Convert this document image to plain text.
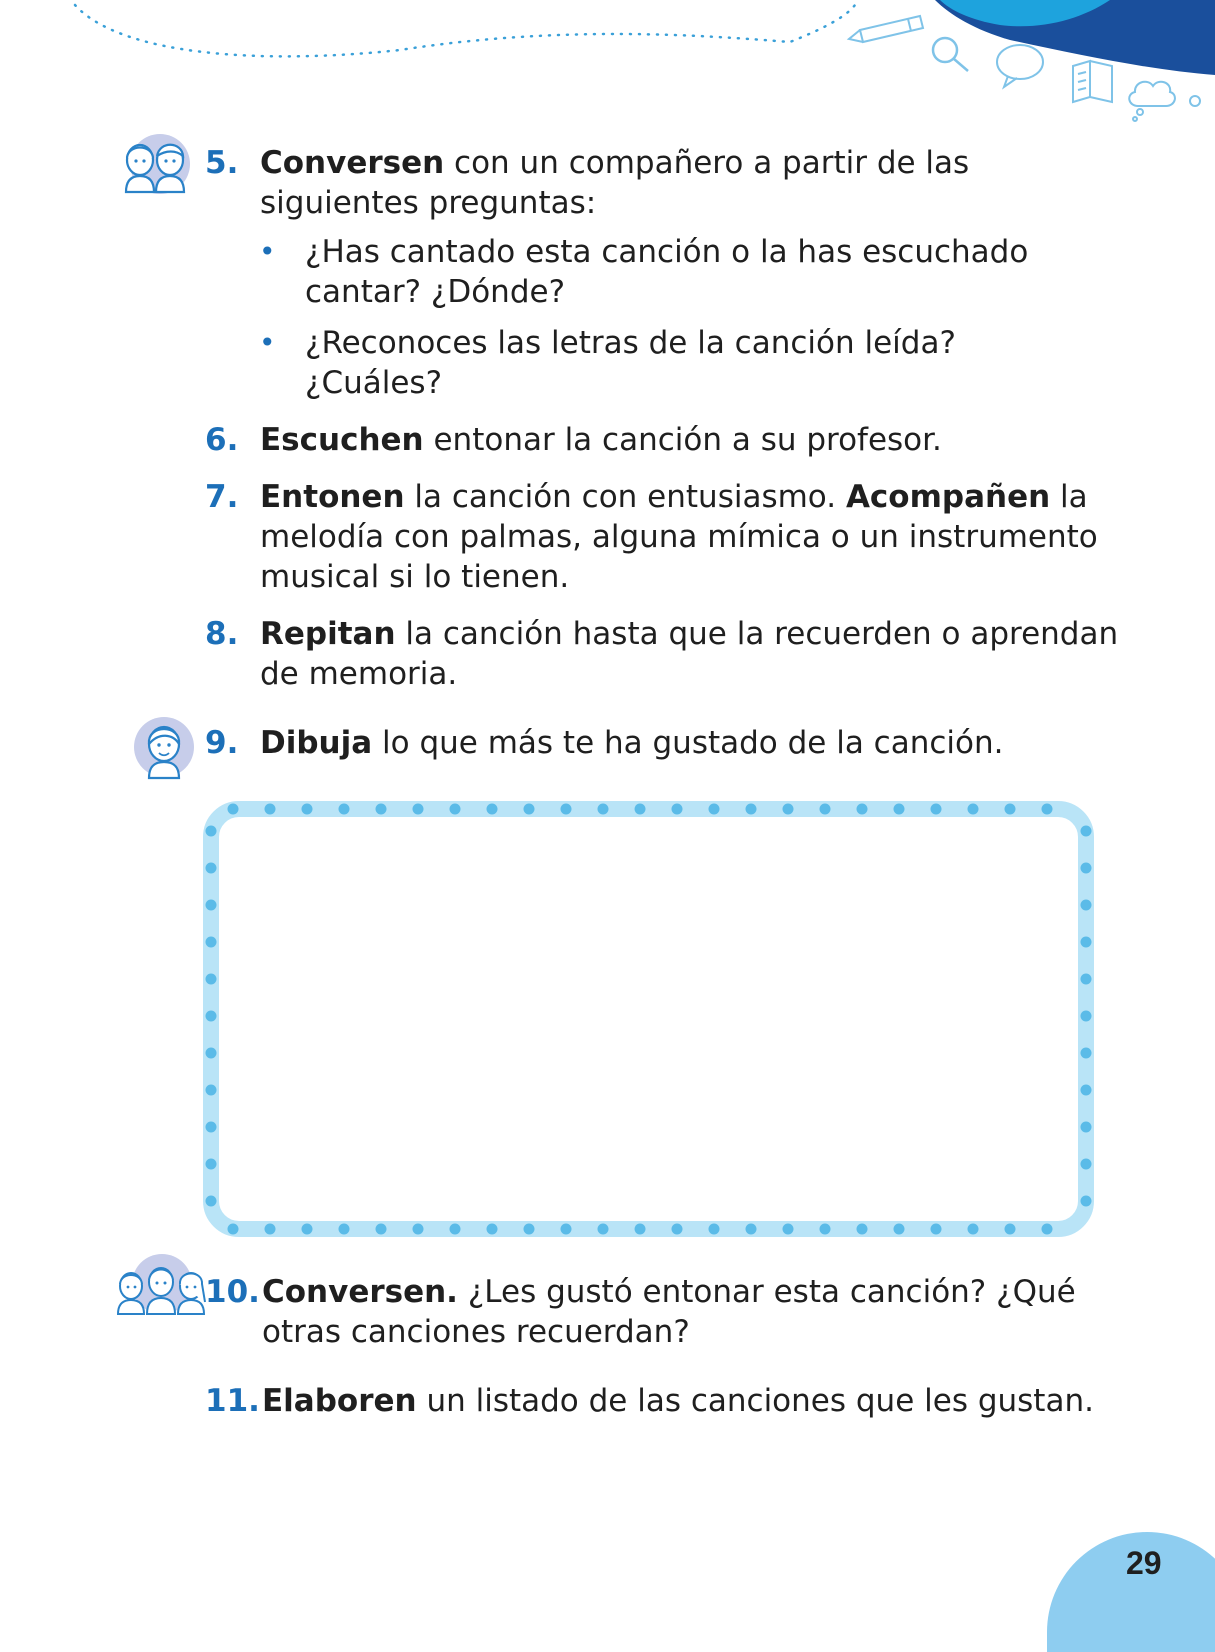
5. Conversen con un compañero a partir de las siguientes preguntas:
• ¿Has cantado esta canción o la has escuchado cantar? ¿Dónde?
• ¿Reconoces las letras de la canción leída? ¿Cuáles?
6. Escuchen entonar la canción a su profesor.
7. Entonen la canción con entusiasmo. Acompañen la melodía con palmas, alguna mímica o un instrumento musical si lo tienen.
8. Repitan la canción hasta que la recuerden o aprendan de memoria.
9. Dibuja lo que más te ha gustado de la canción.
10. Conversen. ¿Les gustó entonar esta canción? ¿Qué otras canciones recuerdan?
11. Elaboren un listado de las canciones que les gustan.
29
